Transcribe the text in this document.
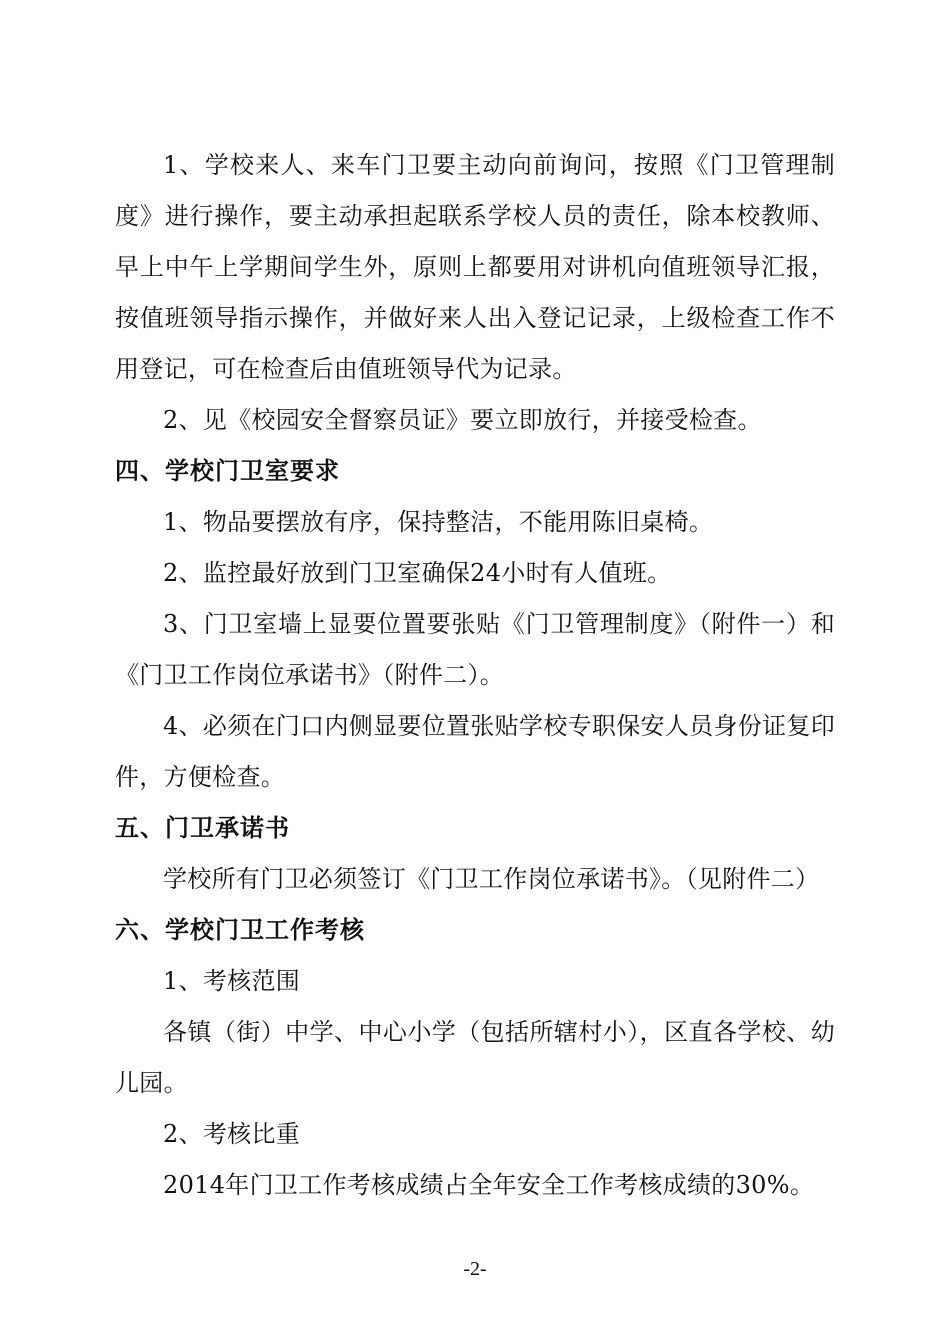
1、学校来人、来车门卫要主动向前询问，按照《门卫管理制度》进行操作，要主动承担起联系学校人员的责任，除本校教师、早上中午上学期间学生外，原则上都要用对讲机向值班领导汇报，按值班领导指示操作，并做好来人出入登记记录，上级检查工作不用登记，可在检查后由值班领导代为记录。

2、见《校园安全督察员证》要立即放行，并接受检查。

四、学校门卫室要求

1、物品要摆放有序，保持整洁，不能用陈旧桌椅。

2、监控最好放到门卫室确保24小时有人值班。

3、门卫室墙上显要位置要张贴《门卫管理制度》（附件一）和《门卫工作岗位承诺书》（附件二）。

4、必须在门口内侧显要位置张贴学校专职保安人员身份证复印件，方便检查。

五、门卫承诺书

学校所有门卫必须签订《门卫工作岗位承诺书》。（见附件二）

六、学校门卫工作考核

1、考核范围

各镇（街）中学、中心小学（包括所辖村小），区直各学校、幼儿园。

2、考核比重

2014年门卫工作考核成绩占全年安全工作考核成绩的30%。

-2-
